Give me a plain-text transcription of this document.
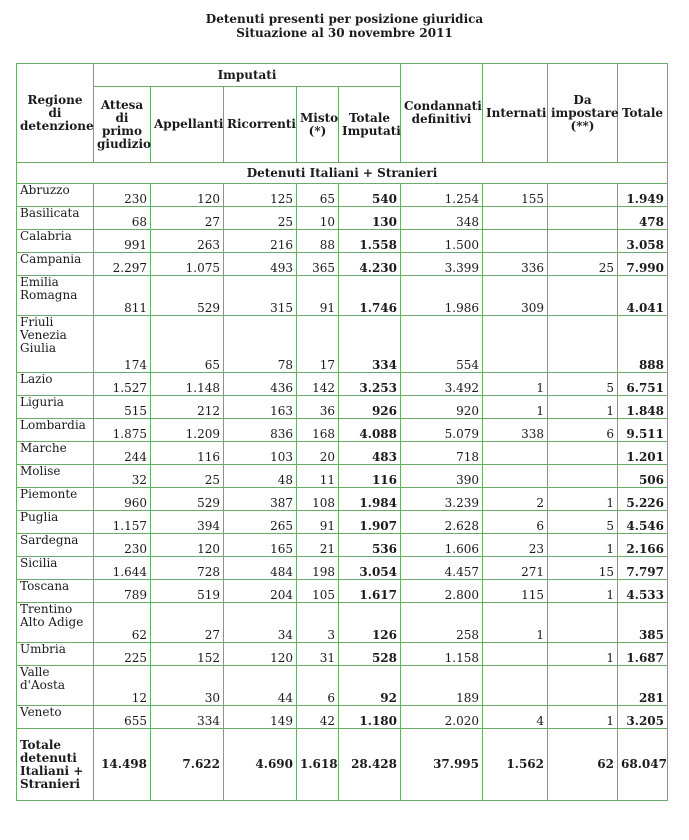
Detenuti presenti per posizione giuridica
Situazione al 30 novembre 2011
Regione di detenzione	Imputati					Condannati definitivi	Internati	Da impostare (**)	Totale
	Attesa di primo giudizio	Appellanti	Ricorrenti	Misto (*)	Totale Imputati				
Detenuti Italiani + Stranieri									
Abruzzo	230	120	125	65	540	1.254	155		1.949
Basilicata	68	27	25	10	130	348			478
Calabria	991	263	216	88	1.558	1.500			3.058
Campania	2.297	1.075	493	365	4.230	3.399	336	25	7.990
Emilia Romagna	811	529	315	91	1.746	1.986	309		4.041
Friuli Venezia Giulia	174	65	78	17	334	554			888
Lazio	1.527	1.148	436	142	3.253	3.492	1	5	6.751
Liguria	515	212	163	36	926	920	1	1	1.848
Lombardia	1.875	1.209	836	168	4.088	5.079	338	6	9.511
Marche	244	116	103	20	483	718			1.201
Molise	32	25	48	11	116	390			506
Piemonte	960	529	387	108	1.984	3.239	2	1	5.226
Puglia	1.157	394	265	91	1.907	2.628	6	5	4.546
Sardegna	230	120	165	21	536	1.606	23	1	2.166
Sicilia	1.644	728	484	198	3.054	4.457	271	15	7.797
Toscana	789	519	204	105	1.617	2.800	115	1	4.533
Trentino Alto Adige	62	27	34	3	126	258	1		385
Umbria	225	152	120	31	528	1.158		1	1.687
Valle d'Aosta	12	30	44	6	92	189			281
Veneto	655	334	149	42	1.180	2.020	4	1	3.205
Totale detenuti Italiani + Stranieri	14.498	7.622	4.690	1.618	28.428	37.995	1.562	62	68.047
